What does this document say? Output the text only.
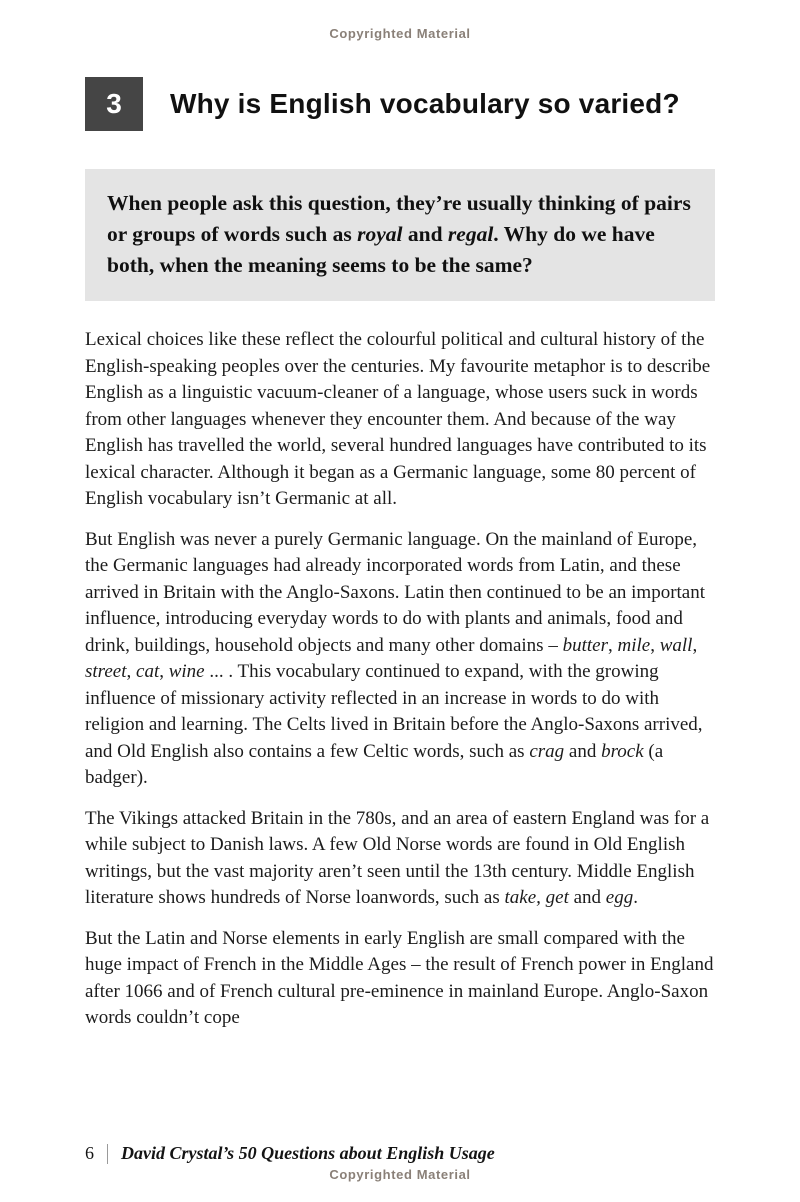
Copyrighted Material
3	Why is English vocabulary so varied?
When people ask this question, they’re usually thinking of pairs or groups of words such as royal and regal. Why do we have both, when the meaning seems to be the same?

Lexical choices like these reflect the colourful political and cultural history of the English-speaking peoples over the centuries. My favourite metaphor is to describe English as a linguistic vacuum-cleaner of a language, whose users suck in words from other languages whenever they encounter them. And because of the way English has travelled the world, several hundred languages have contributed to its lexical character. Although it began as a Germanic language, some 80 percent of English vocabulary isn’t Germanic at all.

But English was never a purely Germanic language. On the mainland of Europe, the Germanic languages had already incorporated words from Latin, and these arrived in Britain with the Anglo-Saxons. Latin then continued to be an important influence, introducing everyday words to do with plants and animals, food and drink, buildings, household objects and many other domains – butter, mile, wall, street, cat, wine ... . This vocabulary continued to expand, with the growing influence of missionary activity reflected in an increase in words to do with religion and learning. The Celts lived in Britain before the Anglo-Saxons arrived, and Old English also contains a few Celtic words, such as crag and brock (a badger).

The Vikings attacked Britain in the 780s, and an area of eastern England was for a while subject to Danish laws. A few Old Norse words are found in Old English writings, but the vast majority aren’t seen until the 13th century. Middle English literature shows hundreds of Norse loanwords, such as take, get and egg.

But the Latin and Norse elements in early English are small compared with the huge impact of French in the Middle Ages – the result of French power in England after 1066 and of French cultural pre-eminence in mainland Europe. Anglo-Saxon words couldn’t cope

6 David Crystal’s 50 Questions about English Usage
Copyrighted Material
